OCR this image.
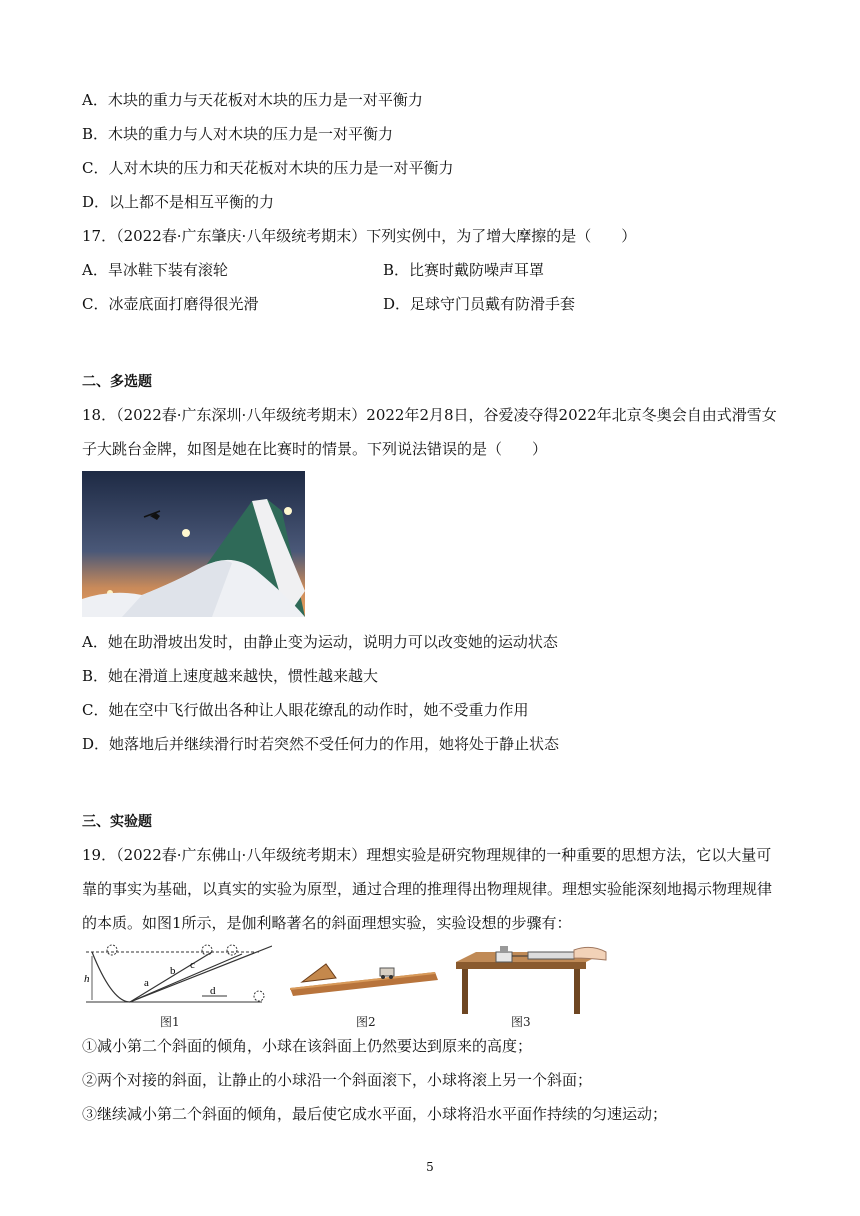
A．木块的重力与天花板对木块的压力是一对平衡力
B．木块的重力与人对木块的压力是一对平衡力
C．人对木块的压力和天花板对木块的压力是一对平衡力
D．以上都不是相互平衡的力
17．（2022春·广东肇庆·八年级统考期末）下列实例中，为了增大摩擦的是（　　）
A．旱冰鞋下装有滚轮	B．比赛时戴防噪声耳罩
C．冰壶底面打磨得很光滑	D．足球守门员戴有防滑手套
二、多选题
18．（2022春·广东深圳·八年级统考期末）2022年2月8日，谷爱凌夺得2022年北京冬奥会自由式滑雪女子大跳台金牌，如图是她在比赛时的情景。下列说法错误的是（　　）
A．她在助滑坡出发时，由静止变为运动，说明力可以改变她的运动状态
B．她在滑道上速度越来越快，惯性越来越大
C．她在空中飞行做出各种让人眼花缭乱的动作时，她不受重力作用
D．她落地后并继续滑行时若突然不受任何力的作用，她将处于静止状态
三、实验题
19．（2022春·广东佛山·八年级统考期末）理想实验是研究物理规律的一种重要的思想方法，它以大量可靠的事实为基础，以真实的实验为原型，通过合理的推理得出物理规律。理想实验能深刻地揭示物理规律的本质。如图1所示，是伽利略著名的斜面理想实验，实验设想的步骤有：
h	a
b c
d
图1	图2	图3
①减小第二个斜面的倾角，小球在该斜面上仍然要达到原来的高度；
②两个对接的斜面，让静止的小球沿一个斜面滚下，小球将滚上另一个斜面；
③继续减小第二个斜面的倾角，最后使它成水平面，小球将沿水平面作持续的匀速运动；
5
